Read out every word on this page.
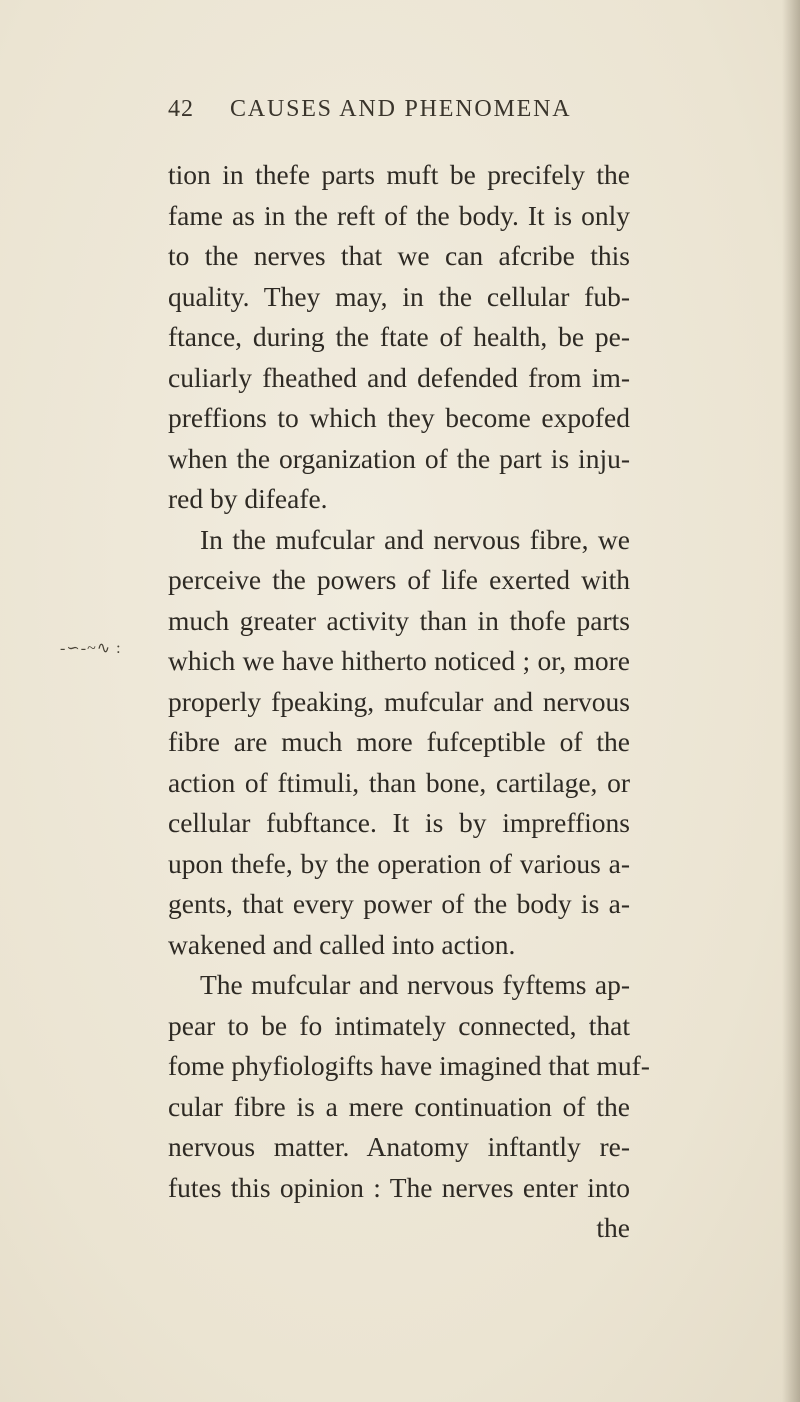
42 CAUSES AND PHENOMENA
-∽-~∿ :
tion in thefe parts muft be precifely the
fame as in the reft of the body. It is only
to the nerves that we can afcribe this
quality. They may, in the cellular fub-
ftance, during the ftate of health, be pe-
culiarly fheathed and defended from im-
preffions to which they become expofed
when the organization of the part is inju-
red by difeafe.
In the mufcular and nervous fibre, we
perceive the powers of life exerted with
much greater activity than in thofe parts
which we have hitherto noticed ; or, more
properly fpeaking, mufcular and nervous
fibre are much more fufceptible of the
action of ftimuli, than bone, cartilage, or
cellular fubftance. It is by impreffions
upon thefe, by the operation of various a-
gents, that every power of the body is a-
wakened and called into action.
The mufcular and nervous fyftems ap-
pear to be fo intimately connected, that
fome phyfiologifts have imagined that muf-
cular fibre is a mere continuation of the
nervous matter. Anatomy inftantly re-
futes this opinion : The nerves enter into
the
